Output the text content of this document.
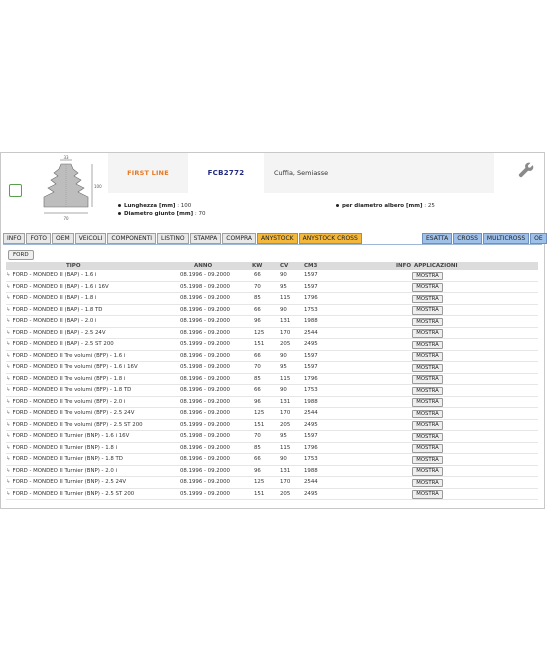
33
100
70
FIRST LINE	FCB2772	Cuffia, Semiasse
Lunghezza [mm] : 100
Diametro giunto [mm] : 70
per diametro albero [mm] : 25
INFO	FOTO	OEM	VEICOLI	COMPONENTI	LISTINO	STAMPA	COMPRA	ANYSTOCK	ANYSTOCK CROSS	ESATTA	CROSS	MULTICROSS	OE
FORD
TIPO	ANNO	KW	CV	CM3	INFO APPLICAZIONI
↳ FORD - MONDEO II (BAP) - 1.6 i	08.1996 - 09.2000	66	90	1597	MOSTRA
↳ FORD - MONDEO II (BAP) - 1.6 i 16V	05.1998 - 09.2000	70	95	1597	MOSTRA
↳ FORD - MONDEO II (BAP) - 1.8 i	08.1996 - 09.2000	85	115	1796	MOSTRA
↳ FORD - MONDEO II (BAP) - 1.8 TD	08.1996 - 09.2000	66	90	1753	MOSTRA
↳ FORD - MONDEO II (BAP) - 2.0 i	08.1996 - 09.2000	96	131	1988	MOSTRA
↳ FORD - MONDEO II (BAP) - 2.5 24V	08.1996 - 09.2000	125	170	2544	MOSTRA
↳ FORD - MONDEO II (BAP) - 2.5 ST 200	05.1999 - 09.2000	151	205	2495	MOSTRA
↳ FORD - MONDEO II Tre volumi (BFP) - 1.6 i	08.1996 - 09.2000	66	90	1597	MOSTRA
↳ FORD - MONDEO II Tre volumi (BFP) - 1.6 i 16V	05.1998 - 09.2000	70	95	1597	MOSTRA
↳ FORD - MONDEO II Tre volumi (BFP) - 1.8 i	08.1996 - 09.2000	85	115	1796	MOSTRA
↳ FORD - MONDEO II Tre volumi (BFP) - 1.8 TD	08.1996 - 09.2000	66	90	1753	MOSTRA
↳ FORD - MONDEO II Tre volumi (BFP) - 2.0 i	08.1996 - 09.2000	96	131	1988	MOSTRA
↳ FORD - MONDEO II Tre volumi (BFP) - 2.5 24V	08.1996 - 09.2000	125	170	2544	MOSTRA
↳ FORD - MONDEO II Tre volumi (BFP) - 2.5 ST 200	05.1999 - 09.2000	151	205	2495	MOSTRA
↳ FORD - MONDEO II Turnier (BNP) - 1.6 i 16V	05.1998 - 09.2000	70	95	1597	MOSTRA
↳ FORD - MONDEO II Turnier (BNP) - 1.8 i	08.1996 - 09.2000	85	115	1796	MOSTRA
↳ FORD - MONDEO II Turnier (BNP) - 1.8 TD	08.1996 - 09.2000	66	90	1753	MOSTRA
↳ FORD - MONDEO II Turnier (BNP) - 2.0 i	08.1996 - 09.2000	96	131	1988	MOSTRA
↳ FORD - MONDEO II Turnier (BNP) - 2.5 24V	08.1996 - 09.2000	125	170	2544	MOSTRA
↳ FORD - MONDEO II Turnier (BNP) - 2.5 ST 200	05.1999 - 09.2000	151	205	2495	MOSTRA
